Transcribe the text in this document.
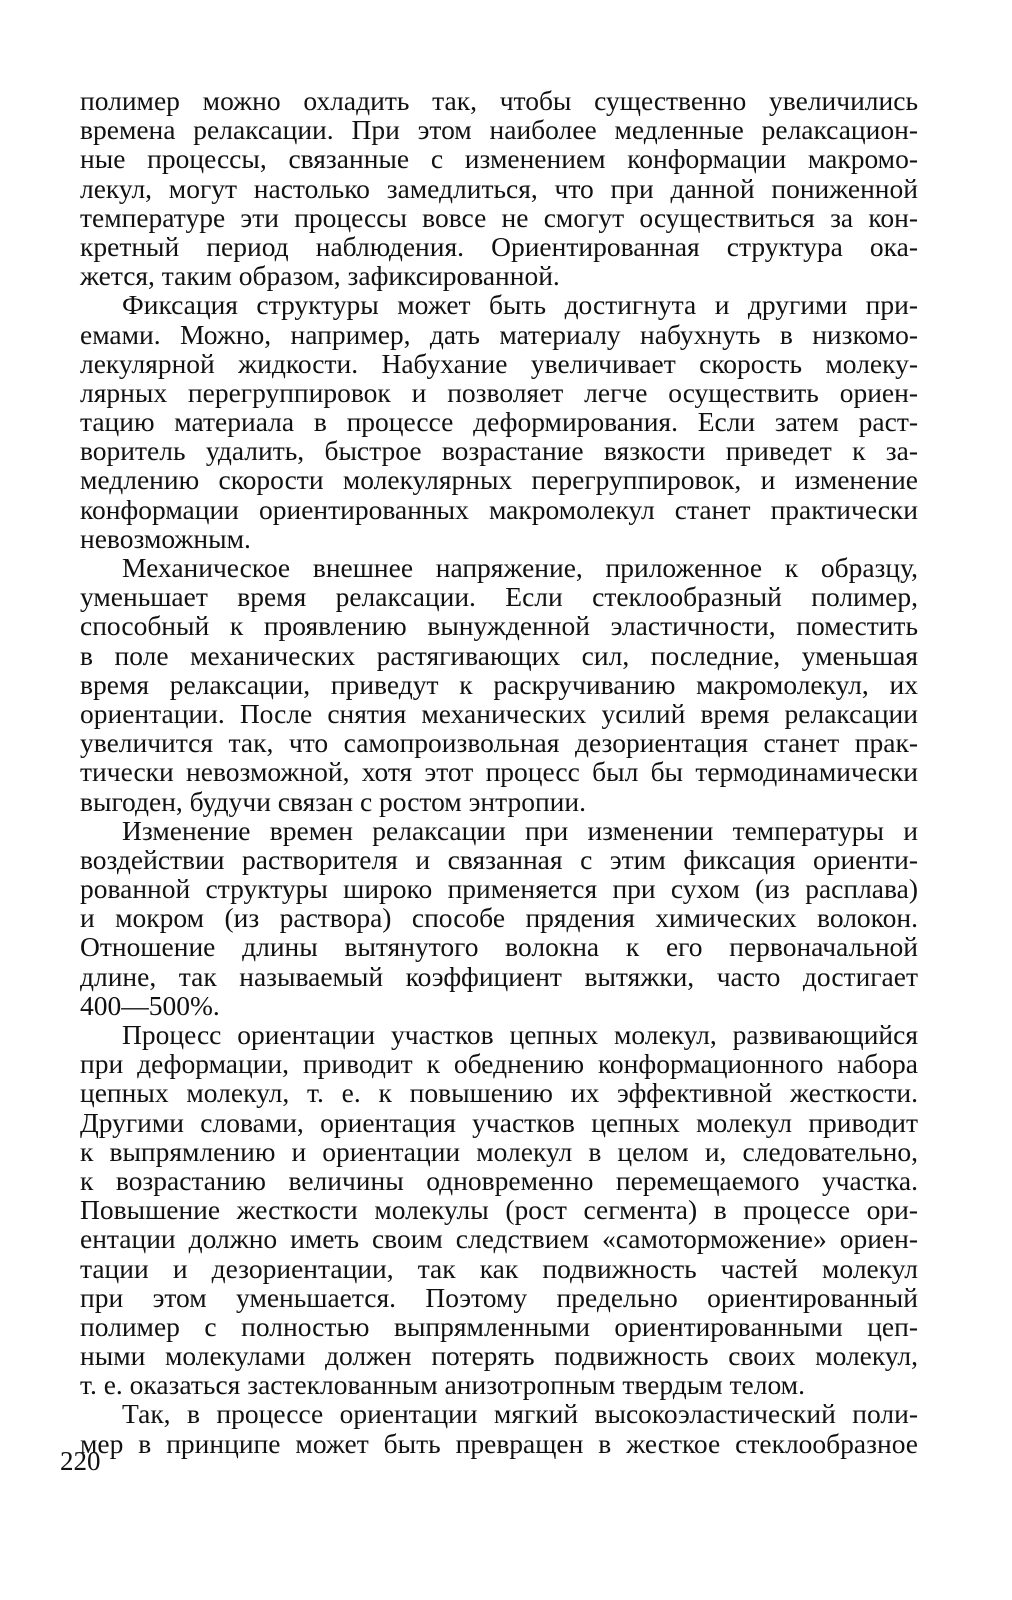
полимер можно охладить так, чтобы существенно увеличились
времена релаксации. При этом наиболее медленные релаксацион-
ные процессы, связанные с изменением конформации макромо-
лекул, могут настолько замедлиться, что при данной пониженной
температуре эти процессы вовсе не смогут осуществиться за кон-
кретный период наблюдения. Ориентированная структура ока-
жется, таким образом, зафиксированной.
Фиксация структуры может быть достигнута и другими при-
емами. Можно, например, дать материалу набухнуть в низкомо-
лекулярной жидкости. Набухание увеличивает скорость молеку-
лярных перегруппировок и позволяет легче осуществить ориен-
тацию материала в процессе деформирования. Если затем раст-
воритель удалить, быстрое возрастание вязкости приведет к за-
медлению скорости молекулярных перегруппировок, и изменение
конформации ориентированных макромолекул станет практически
невозможным.
Механическое внешнее напряжение, приложенное к образцу,
уменьшает время релаксации. Если стеклообразный полимер,
способный к проявлению вынужденной эластичности, поместить
в поле механических растягивающих сил, последние, уменьшая
время релаксации, приведут к раскручиванию макромолекул, их
ориентации. После снятия механических усилий время релаксации
увеличится так, что самопроизвольная дезориентация станет прак-
тически невозможной, хотя этот процесс был бы термодинамически
выгоден, будучи связан с ростом энтропии.
Изменение времен релаксации при изменении температуры и
воздействии растворителя и связанная с этим фиксация ориенти-
рованной структуры широко применяется при сухом (из расплава)
и мокром (из раствора) способе прядения химических волокон.
Отношение длины вытянутого волокна к его первоначальной
длине, так называемый коэффициент вытяжки, часто достигает
400—500%.
Процесс ориентации участков цепных молекул, развивающийся
при деформации, приводит к обеднению конформационного набора
цепных молекул, т. е. к повышению их эффективной жесткости.
Другими словами, ориентация участков цепных молекул приводит
к выпрямлению и ориентации молекул в целом и, следовательно,
к возрастанию величины одновременно перемещаемого участка.
Повышение жесткости молекулы (рост сегмента) в процессе ори-
ентации должно иметь своим следствием «самоторможение» ориен-
тации и дезориентации, так как подвижность частей молекул
при этом уменьшается. Поэтому предельно ориентированный
полимер с полностью выпрямленными ориентированными цеп-
ными молекулами должен потерять подвижность своих молекул,
т. е. оказаться застеклованным анизотропным твердым телом.
Так, в процессе ориентации мягкий высокоэластический поли-
мер в принципе может быть превращен в жесткое стеклообразное
220
